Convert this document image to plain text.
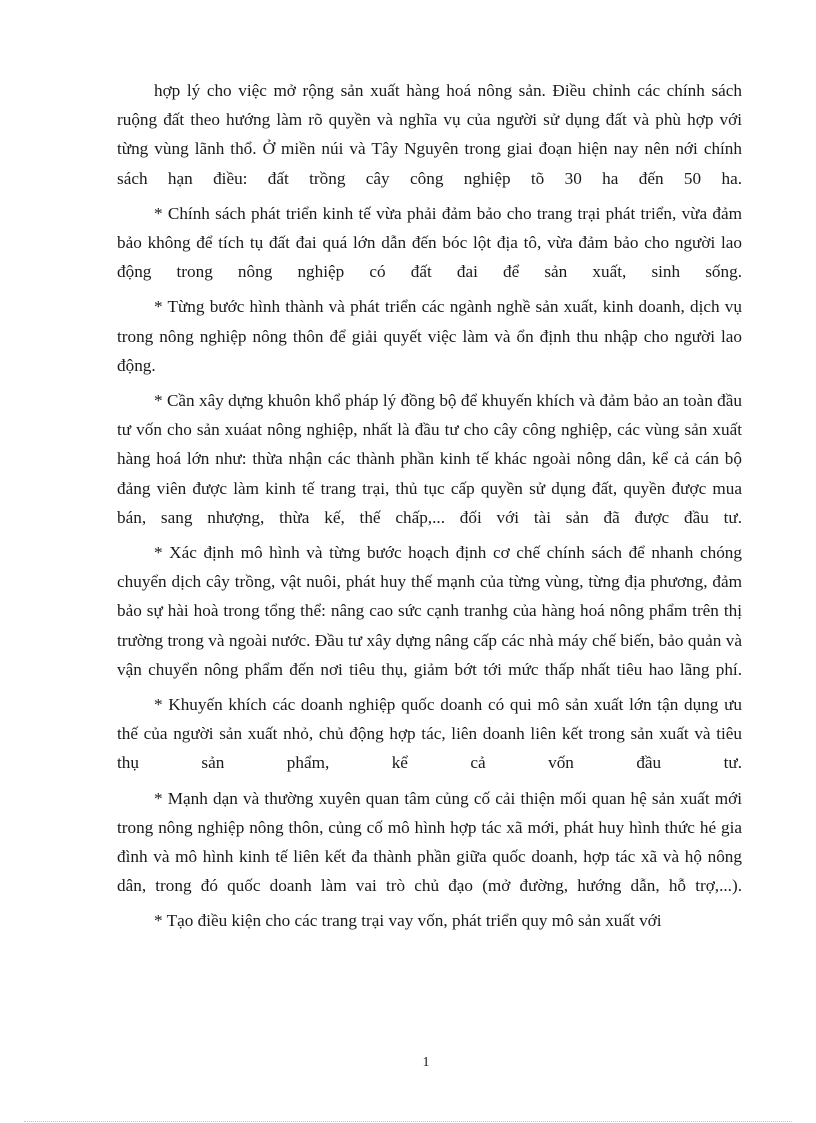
hợp lý cho việc mở rộng sản xuất hàng hoá nông sản. Điều chỉnh các chính sách ruộng đất theo hướng làm rõ quyền và nghĩa vụ của người sử dụng đất và phù hợp với từng vùng lãnh thổ. Ở miền núi và Tây Nguyên trong giai đoạn hiện nay nên nới chính sách hạn điều: đất trồng cây công nghiệp tõ 30 ha đến 50 ha.

* Chính sách phát triển kinh tế vừa phải đảm bảo cho trang trại phát triển, vừa đảm bảo không để tích tụ đất đai quá lớn dẫn đến bóc lột địa tô, vừa đảm bảo cho người lao động trong nông nghiệp có đất đai để sản xuất, sinh sống.

* Từng bước hình thành và phát triển các ngành nghề sản xuất, kinh doanh, dịch vụ trong nông nghiệp nông thôn để giải quyết việc làm và ổn định thu nhập cho người lao động.

* Cần xây dựng khuôn khổ pháp lý đồng bộ để khuyến khích và đảm bảo an toàn đầu tư vốn cho sản xuáat nông nghiệp, nhất là đầu tư cho cây công nghiệp, các vùng sản xuất hàng hoá lớn như: thừa nhận các thành phần kinh tế khác ngoài nông dân, kể cả cán bộ đảng viên được làm kinh tế trang trại, thủ tục cấp quyền sử dụng đất, quyền được mua bán, sang nhượng, thừa kế, thế chấp,... đối với tài sản đã được đầu tư.

* Xác định mô hình và từng bước hoạch định cơ chế chính sách để nhanh chóng chuyển dịch cây trồng, vật nuôi, phát huy thế mạnh của từng vùng, từng địa phương, đảm bảo sự hài hoà trong tổng thể: nâng cao sức cạnh tranhg của hàng hoá nông phẩm trên thị trường trong và ngoài nước. Đầu tư xây dựng nâng cấp các nhà máy chế biến, bảo quản và vận chuyển nông phẩm đến nơi tiêu thụ, giảm bớt tới mức thấp nhất tiêu hao lãng phí.

* Khuyến khích các doanh nghiệp quốc doanh có qui mô sản xuất lớn tận dụng ưu thế của người sản xuất nhỏ, chủ động hợp tác, liên doanh liên kết trong sản xuất và tiêu thụ sản phẩm, kể cả vốn đầu tư.

* Mạnh dạn và thường xuyên quan tâm củng cố cải thiện mối quan hệ sản xuất mới trong nông nghiệp nông thôn, củng cố mô hình hợp tác xã mới, phát huy hình thức hé gia đình và mô hình kinh tế liên kết đa thành phần giữa quốc doanh, hợp tác xã và hộ nông dân, trong đó quốc doanh làm vai trò chủ đạo (mở đường, hướng dẫn, hỗ trợ,...).

* Tạo điều kiện cho các trang trại vay vốn, phát triển quy mô sản xuất với

1
